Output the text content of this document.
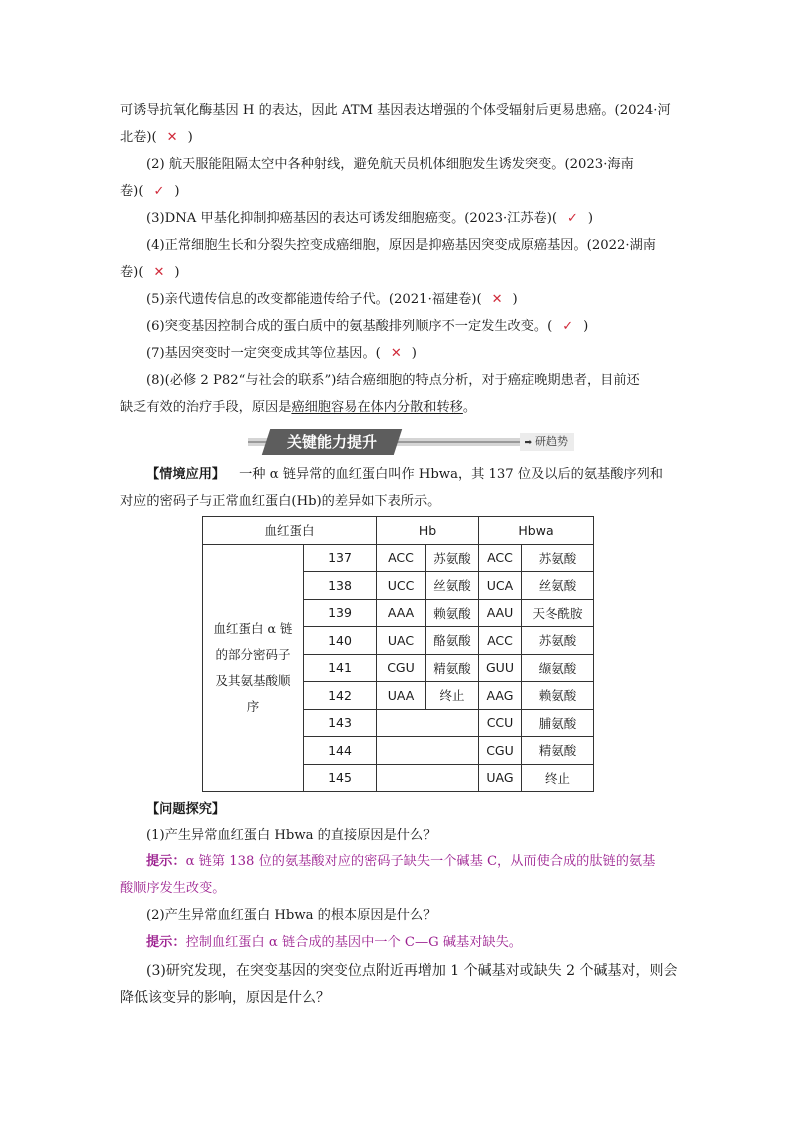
可诱导抗氧化酶基因 H 的表达，因此 ATM 基因表达增强的个体受辐射后更易患癌。(2024·河
北卷)( ✕ )
(2) 航天服能阻隔太空中各种射线，避免航天员机体细胞发生诱发突变。(2023·海南
卷)( ✓ )
(3)DNA 甲基化抑制抑癌基因的表达可诱发细胞癌变。(2023·江苏卷)( ✓ )
(4)正常细胞生长和分裂失控变成癌细胞，原因是抑癌基因突变成原癌基因。(2022·湖南
卷)( ✕ )
(5)亲代遗传信息的改变都能遗传给子代。(2021·福建卷)( ✕ )
(6)突变基因控制合成的蛋白质中的氨基酸排列顺序不一定发生改变。( ✓ )
(7)基因突变时一定突变成其等位基因。( ✕ )
(8)(必修 2 P82“与社会的联系”)结合癌细胞的特点分析，对于癌症晚期患者，目前还
缺乏有效的治疗手段，原因是癌细胞容易在体内分散和转移。
关键能力提升	➡ 研趋势
【情境应用】 一种 α 链异常的血红蛋白叫作 Hbwa，其 137 位及以后的氨基酸序列和
对应的密码子与正常血红蛋白(Hb)的差异如下表所示。
血红蛋白		Hb		Hbwa	

血红蛋白 α 链
的部分密码子
及其氨基酸顺
序	137	ACC	苏氨酸	ACC	苏氨酸
	138	UCC	丝氨酸	UCA	丝氨酸
	139	AAA	赖氨酸	AAU	天冬酰胺
	140	UAC	酪氨酸	ACC	苏氨酸
	141	CGU	精氨酸	GUU	缬氨酸
	142	UAA	终止	AAG	赖氨酸
	143			CCU	脯氨酸
	144			CGU	精氨酸
	145			UAG	终止
【问题探究】
(1)产生异常血红蛋白 Hbwa 的直接原因是什么？
提示：α 链第 138 位的氨基酸对应的密码子缺失一个碱基 C，从而使合成的肽链的氨基
酸顺序发生改变。
(2)产生异常血红蛋白 Hbwa 的根本原因是什么？
提示：控制血红蛋白 α 链合成的基因中一个 C—G 碱基对缺失。
(3)研究发现，在突变基因的突变位点附近再增加 1 个碱基对或缺失 2 个碱基对，则会
降低该变异的影响，原因是什么？
